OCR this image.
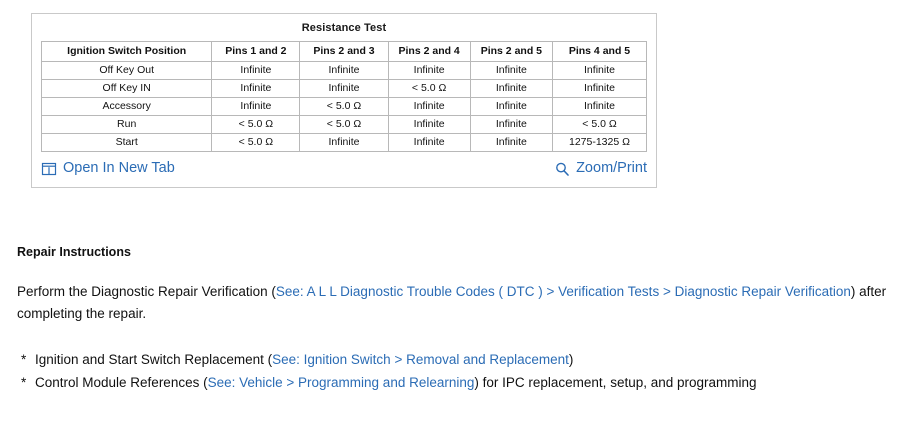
Resistance Test
Ignition Switch Position	Pins 1 and 2	Pins 2 and 3	Pins 2 and 4	Pins 2 and 5	Pins 4 and 5
Off Key Out	Infinite	Infinite	Infinite	Infinite	Infinite
Off Key IN	Infinite	Infinite	< 5.0 Ω	Infinite	Infinite
Accessory	Infinite	< 5.0 Ω	Infinite	Infinite	Infinite
Run	< 5.0 Ω	< 5.0 Ω	Infinite	Infinite	< 5.0 Ω
Start	< 5.0 Ω	Infinite	Infinite	Infinite	1275-1325 Ω
Open In New Tab	Zoom/Print
Repair Instructions

Perform the Diagnostic Repair Verification (See: A L L Diagnostic Trouble Codes ( DTC ) > Verification Tests > Diagnostic Repair Verification) after completing the repair.

* Ignition and Start Switch Replacement (See: Ignition Switch > Removal and Replacement)
* Control Module References (See: Vehicle > Programming and Relearning) for IPC replacement, setup, and programming
